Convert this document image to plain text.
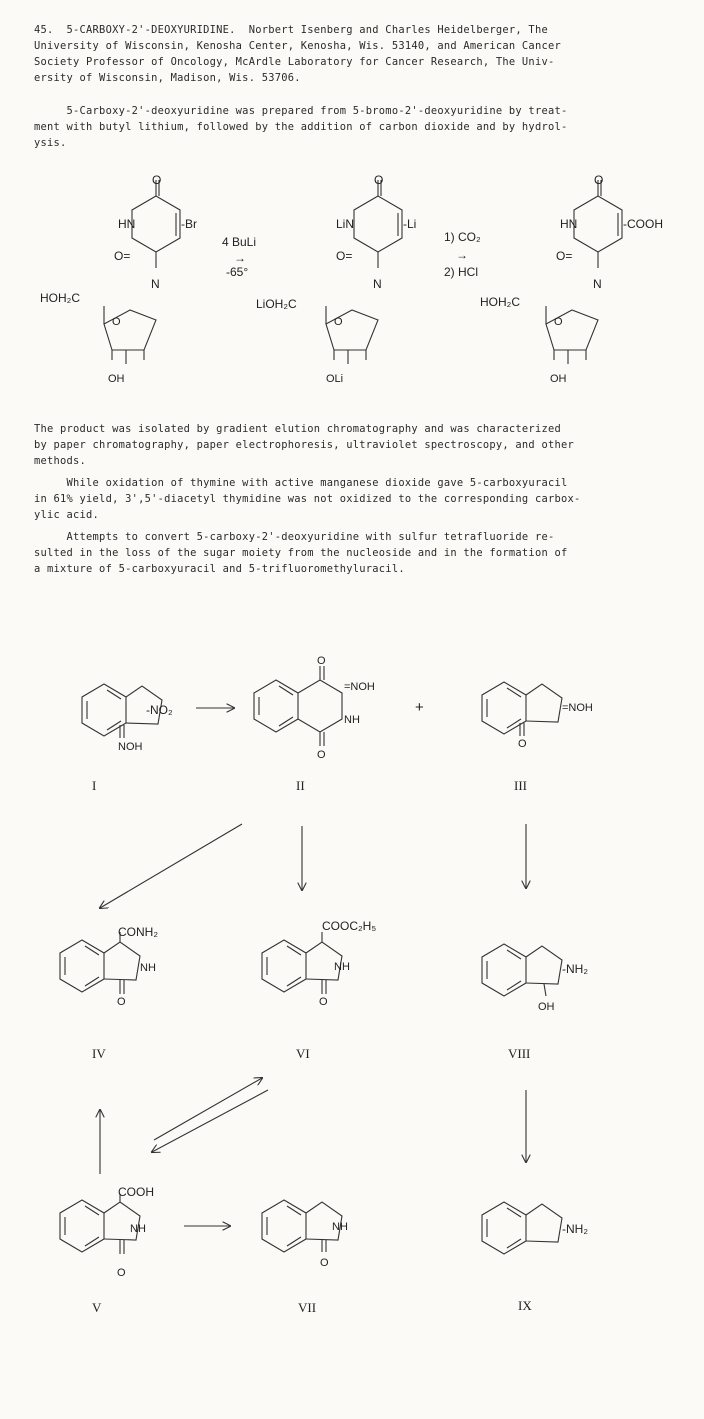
45.  5-CARBOXY-2'-DEOXYURIDINE.  Norbert Isenberg and Charles Heidelberger, The
University of Wisconsin, Kenosha Center, Kenosha, Wis. 53140, and American Cancer
Society Professor of Oncology, McArdle Laboratory for Cancer Research, The Univ-
ersity of Wisconsin, Madison, Wis. 53706.

5-Carboxy-2'-deoxyuridine was prepared from 5-bromo-2'-deoxyuridine by treat-
ment with butyl lithium, followed by the addition of carbon dioxide and by hydrol-
ysis.

The product was isolated by gradient elution chromatography and was characterized
by paper chromatography, paper electrophoresis, ultraviolet spectroscopy, and other
methods.

While oxidation of thymine with active manganese dioxide gave 5-carboxyuracil
in 61% yield, 3',5'-diacetyl thymidine was not oxidized to the corresponding carbox-
ylic acid.

Attempts to convert 5-carboxy-2'-deoxyuridine with sulfur tetrafluoride re-
sulted in the loss of the sugar moiety from the nucleoside and in the formation of
a mixture of 5-carboxyuracil and 5-trifluoromethyluracil.

O
HN	-Br
O=
N
HOH₂C
O
OH
4 BuLi
→
-65°
O
LiN	-Li
O=
N
LiOH₂C
O
OLi
1) CO₂
→
2) HCl
O
HN	-COOH
O=
N
HOH₂C
O
OH
-NO₂
NOH
I
O
=NOH
NH
O
II
+	=NOH
O
III
CONH₂
NH
O
IV
COOC₂H₅
NH
O
VI
-NH₂
OH
VIII
COOH
NH
O
V
NH
O
VII
-NH₂
IX
